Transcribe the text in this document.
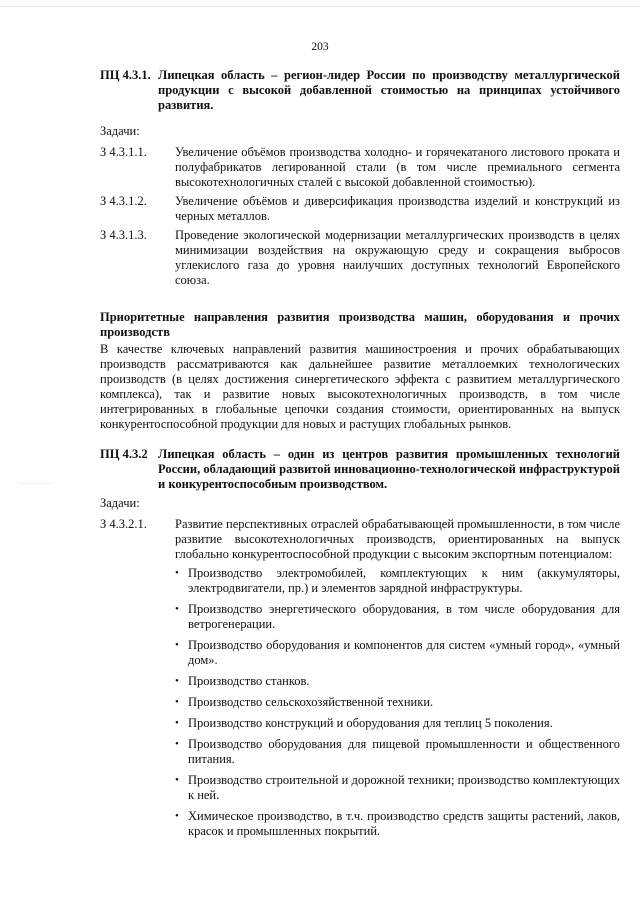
203
ПЦ 4.3.1. Липецкая область – регион-лидер России по производству металлургической продукции с высокой добавленной стоимостью на принципах устойчивого развития.

Задачи:

З 4.3.1.1.	Увеличение объёмов производства холодно- и горячекатаного листового проката и полуфабрикатов легированной стали (в том числе премиального сегмента высокотехнологичных сталей с высокой добавленной стоимостью).
З 4.3.1.2.	Увеличение объёмов и диверсификация производства изделий и конструкций из черных металлов.
З 4.3.1.3.	Проведение экологической модернизации металлургических производств в целях минимизации воздействия на окружающую среду и сокращения выбросов углекислого газа до уровня наилучших доступных технологий Европейского союза.
Приоритетные направления развития производства машин, оборудования и прочих производств
В качестве ключевых направлений развития машиностроения и прочих обрабатывающих производств рассматриваются как дальнейшее развитие металлоемких технологических производств (в целях достижения синергетического эффекта с развитием металлургического комплекса), так и развитие новых высокотехнологичных производств, в том числе интегрированных в глобальные цепочки создания стоимости, ориентированных на выпуск конкурентоспособной продукции для новых и растущих глобальных рынков.
ПЦ 4.3.2 Липецкая область – один из центров развития промышленных технологий России, обладающий развитой инновационно-технологической инфраструктурой и конкурентоспособным производством.

Задачи:

З 4.3.2.1.	Развитие перспективных отраслей обрабатывающей промышленности, в том числе развитие высокотехнологичных производств, ориентированных на выпуск глобально конкурентоспособной продукции с высоким экспортным потенциалом:
• Производство электромобилей, комплектующих к ним (аккумуляторы, электродвигатели, пр.) и элементов зарядной инфраструктуры.
• Производство энергетического оборудования, в том числе оборудования для ветрогенерации.
• Производство оборудования и компонентов для систем «умный город», «умный дом».
• Производство станков.
• Производство сельскохозяйственной техники.
• Производство конструкций и оборудования для теплиц 5 поколения.
• Производство оборудования для пищевой промышленности и общественного питания.
• Производство строительной и дорожной техники; производство комплектующих к ней.
• Химическое производство, в т.ч. производство средств защиты растений, лаков, красок и промышленных покрытий.
